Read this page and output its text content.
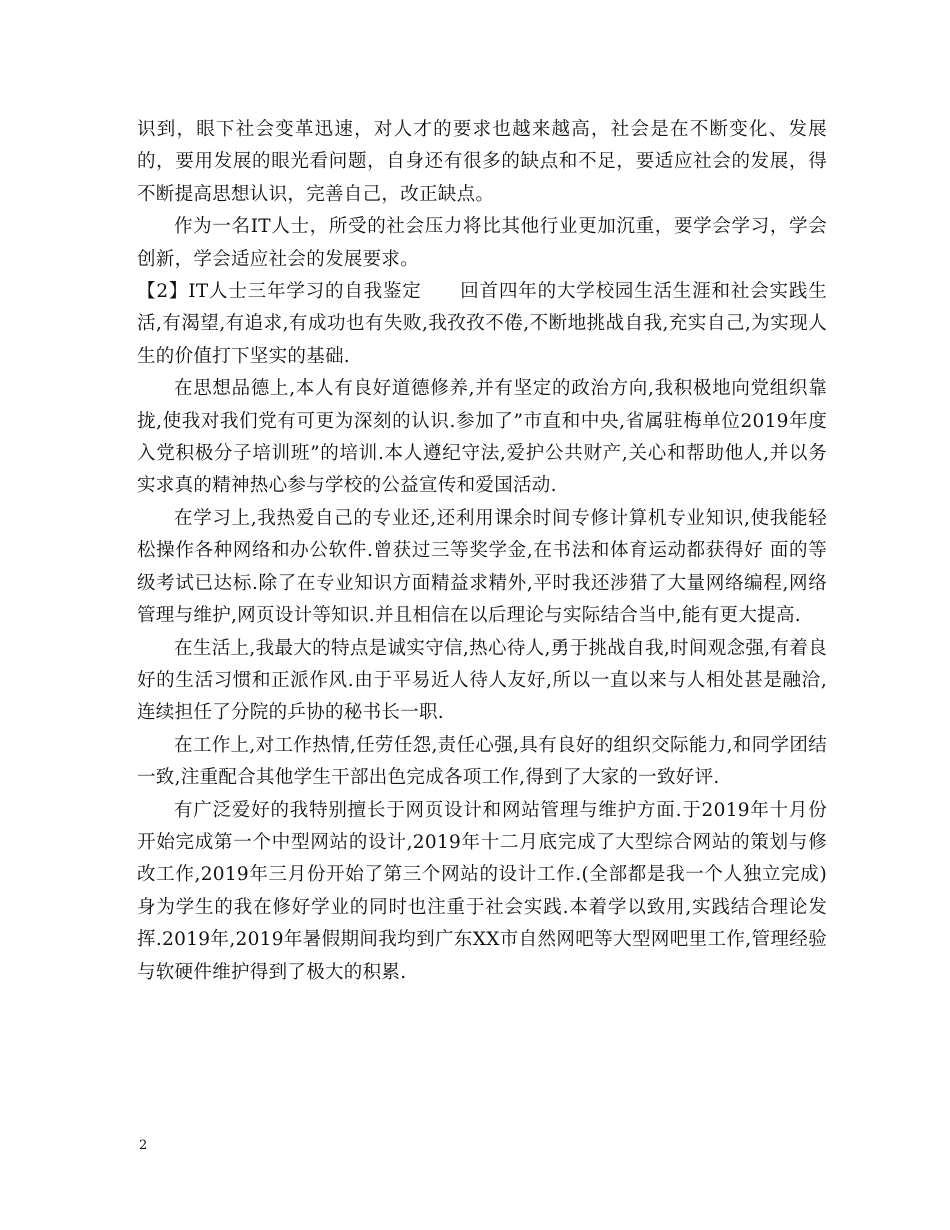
识到，眼下社会变革迅速，对人才的要求也越来越高，社会是在不断变化、发展的，要用发展的眼光看问题，自身还有很多的缺点和不足，要适应社会的发展，得不断提高思想认识，完善自己，改正缺点。

作为一名IT人士，所受的社会压力将比其他行业更加沉重，要学会学习，学会创新，学会适应社会的发展要求。

【2】IT人士三年学习的自我鉴定　　回首四年的大学校园生活生涯和社会实践生活,有渴望,有追求,有成功也有失败,我孜孜不倦,不断地挑战自我,充实自己,为实现人生的价值打下坚实的基础.

在思想品德上,本人有良好道德修养,并有坚定的政治方向,我积极地向党组织靠拢,使我对我们党有可更为深刻的认识.参加了”市直和中央,省属驻梅单位2019年度入党积极分子培训班”的培训.本人遵纪守法,爱护公共财产,关心和帮助他人,并以务实求真的精神热心参与学校的公益宣传和爱国活动.

在学习上,我热爱自己的专业还,还利用课余时间专修计算机专业知识,使我能轻松操作各种网络和办公软件.曾获过三等奖学金,在书法和体育运动都获得好 面的等级考试已达标.除了在专业知识方面精益求精外,平时我还涉猎了大量网络编程,网络管理与维护,网页设计等知识.并且相信在以后理论与实际结合当中,能有更大提高.

在生活上,我最大的特点是诚实守信,热心待人,勇于挑战自我,时间观念强,有着良好的生活习惯和正派作风.由于平易近人待人友好,所以一直以来与人相处甚是融洽,连续担任了分院的乒协的秘书长一职.

在工作上,对工作热情,任劳任怨,责任心强,具有良好的组织交际能力,和同学团结一致,注重配合其他学生干部出色完成各项工作,得到了大家的一致好评.

有广泛爱好的我特别擅长于网页设计和网站管理与维护方面.于2019年十月份开始完成第一个中型网站的设计,2019年十二月底完成了大型综合网站的策划与修改工作,2019年三月份开始了第三个网站的设计工作.(全部都是我一个人独立完成)身为学生的我在修好学业的同时也注重于社会实践.本着学以致用,实践结合理论发挥.2019年,2019年暑假期间我均到广东XX市自然网吧等大型网吧里工作,管理经验与软硬件维护得到了极大的积累.

2
